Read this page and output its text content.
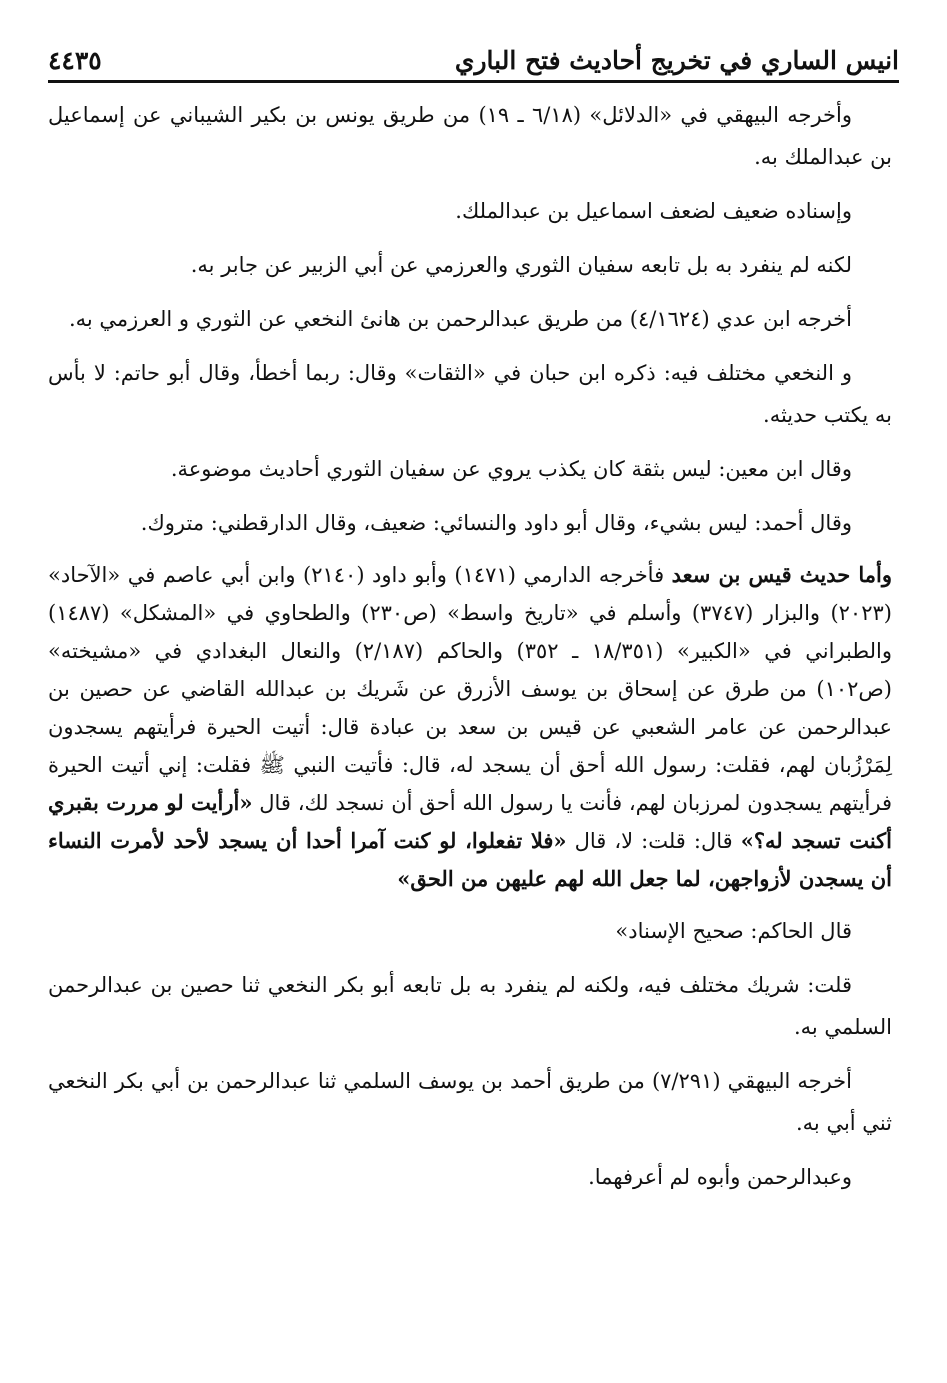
انيس الساري في تخريج أحاديث فتح الباري
٤٤٣٥

وأخرجه البيهقي في «الدلائل» (٦/١٨ ـ ١٩) من طريق يونس بن بكير الشيباني عن إسماعيل بن عبدالملك به.

وإسناده ضعيف لضعف اسماعيل بن عبدالملك.

لكنه لم ينفرد به بل تابعه سفيان الثوري والعرزمي عن أبي الزبير عن جابر به.

أخرجه ابن عدي (٤/١٦٢٤) من طريق عبدالرحمن بن هانئ النخعي عن الثوري و العرزمي به.

و النخعي مختلف فيه: ذكره ابن حبان في «الثقات» وقال: ربما أخطأ، وقال أبو حاتم: لا بأس به يكتب حديثه.

وقال ابن معين: ليس بثقة كان يكذب يروي عن سفيان الثوري أحاديث موضوعة.

وقال أحمد: ليس بشيء، وقال أبو داود والنسائي: ضعيف، وقال الدارقطني: متروك.

وأما حديث قيس بن سعد فأخرجه الدارمي (١٤٧١) وأبو داود (٢١٤٠) وابن أبي عاصم في «الآحاد» (٢٠٢٣) والبزار (٣٧٤٧) وأسلم في «تاريخ واسط» (ص٢٣٠) والطحاوي في «المشكل» (١٤٨٧) والطبراني في «الكبير» (١٨/٣٥١ ـ ٣٥٢) والحاكم (٢/١٨٧) والنعال البغدادي في «مشيخته» (ص١٠٢) من طرق عن إسحاق بن يوسف الأزرق عن شَريك بن عبدالله القاضي عن حصين بن عبدالرحمن عن عامر الشعبي عن قيس بن سعد بن عبادة قال: أتيت الحيرة فرأيتهم يسجدون لِمَرْزُبان لهم، فقلت: رسول الله أحق أن يسجد له، قال: فأتيت النبي ﷺ فقلت: إني أتيت الحيرة فرأيتهم يسجدون لمرزبان لهم، فأنت يا رسول الله أحق أن نسجد لك، قال «أرأيت لو مررت بقبري أكنت تسجد له؟» قال: قلت: لا، قال «فلا تفعلوا، لو كنت آمرا أحدا أن يسجد لأحد لأمرت النساء أن يسجدن لأزواجهن، لما جعل الله لهم عليهن من الحق»

قال الحاكم: صحيح الإسناد»

قلت: شريك مختلف فيه، ولكنه لم ينفرد به بل تابعه أبو بكر النخعي ثنا حصين بن عبدالرحمن السلمي به.

أخرجه البيهقي (٧/٢٩١) من طريق أحمد بن يوسف السلمي ثنا عبدالرحمن بن أبي بكر النخعي ثني أبي به.

وعبدالرحمن وأبوه لم أعرفهما.
